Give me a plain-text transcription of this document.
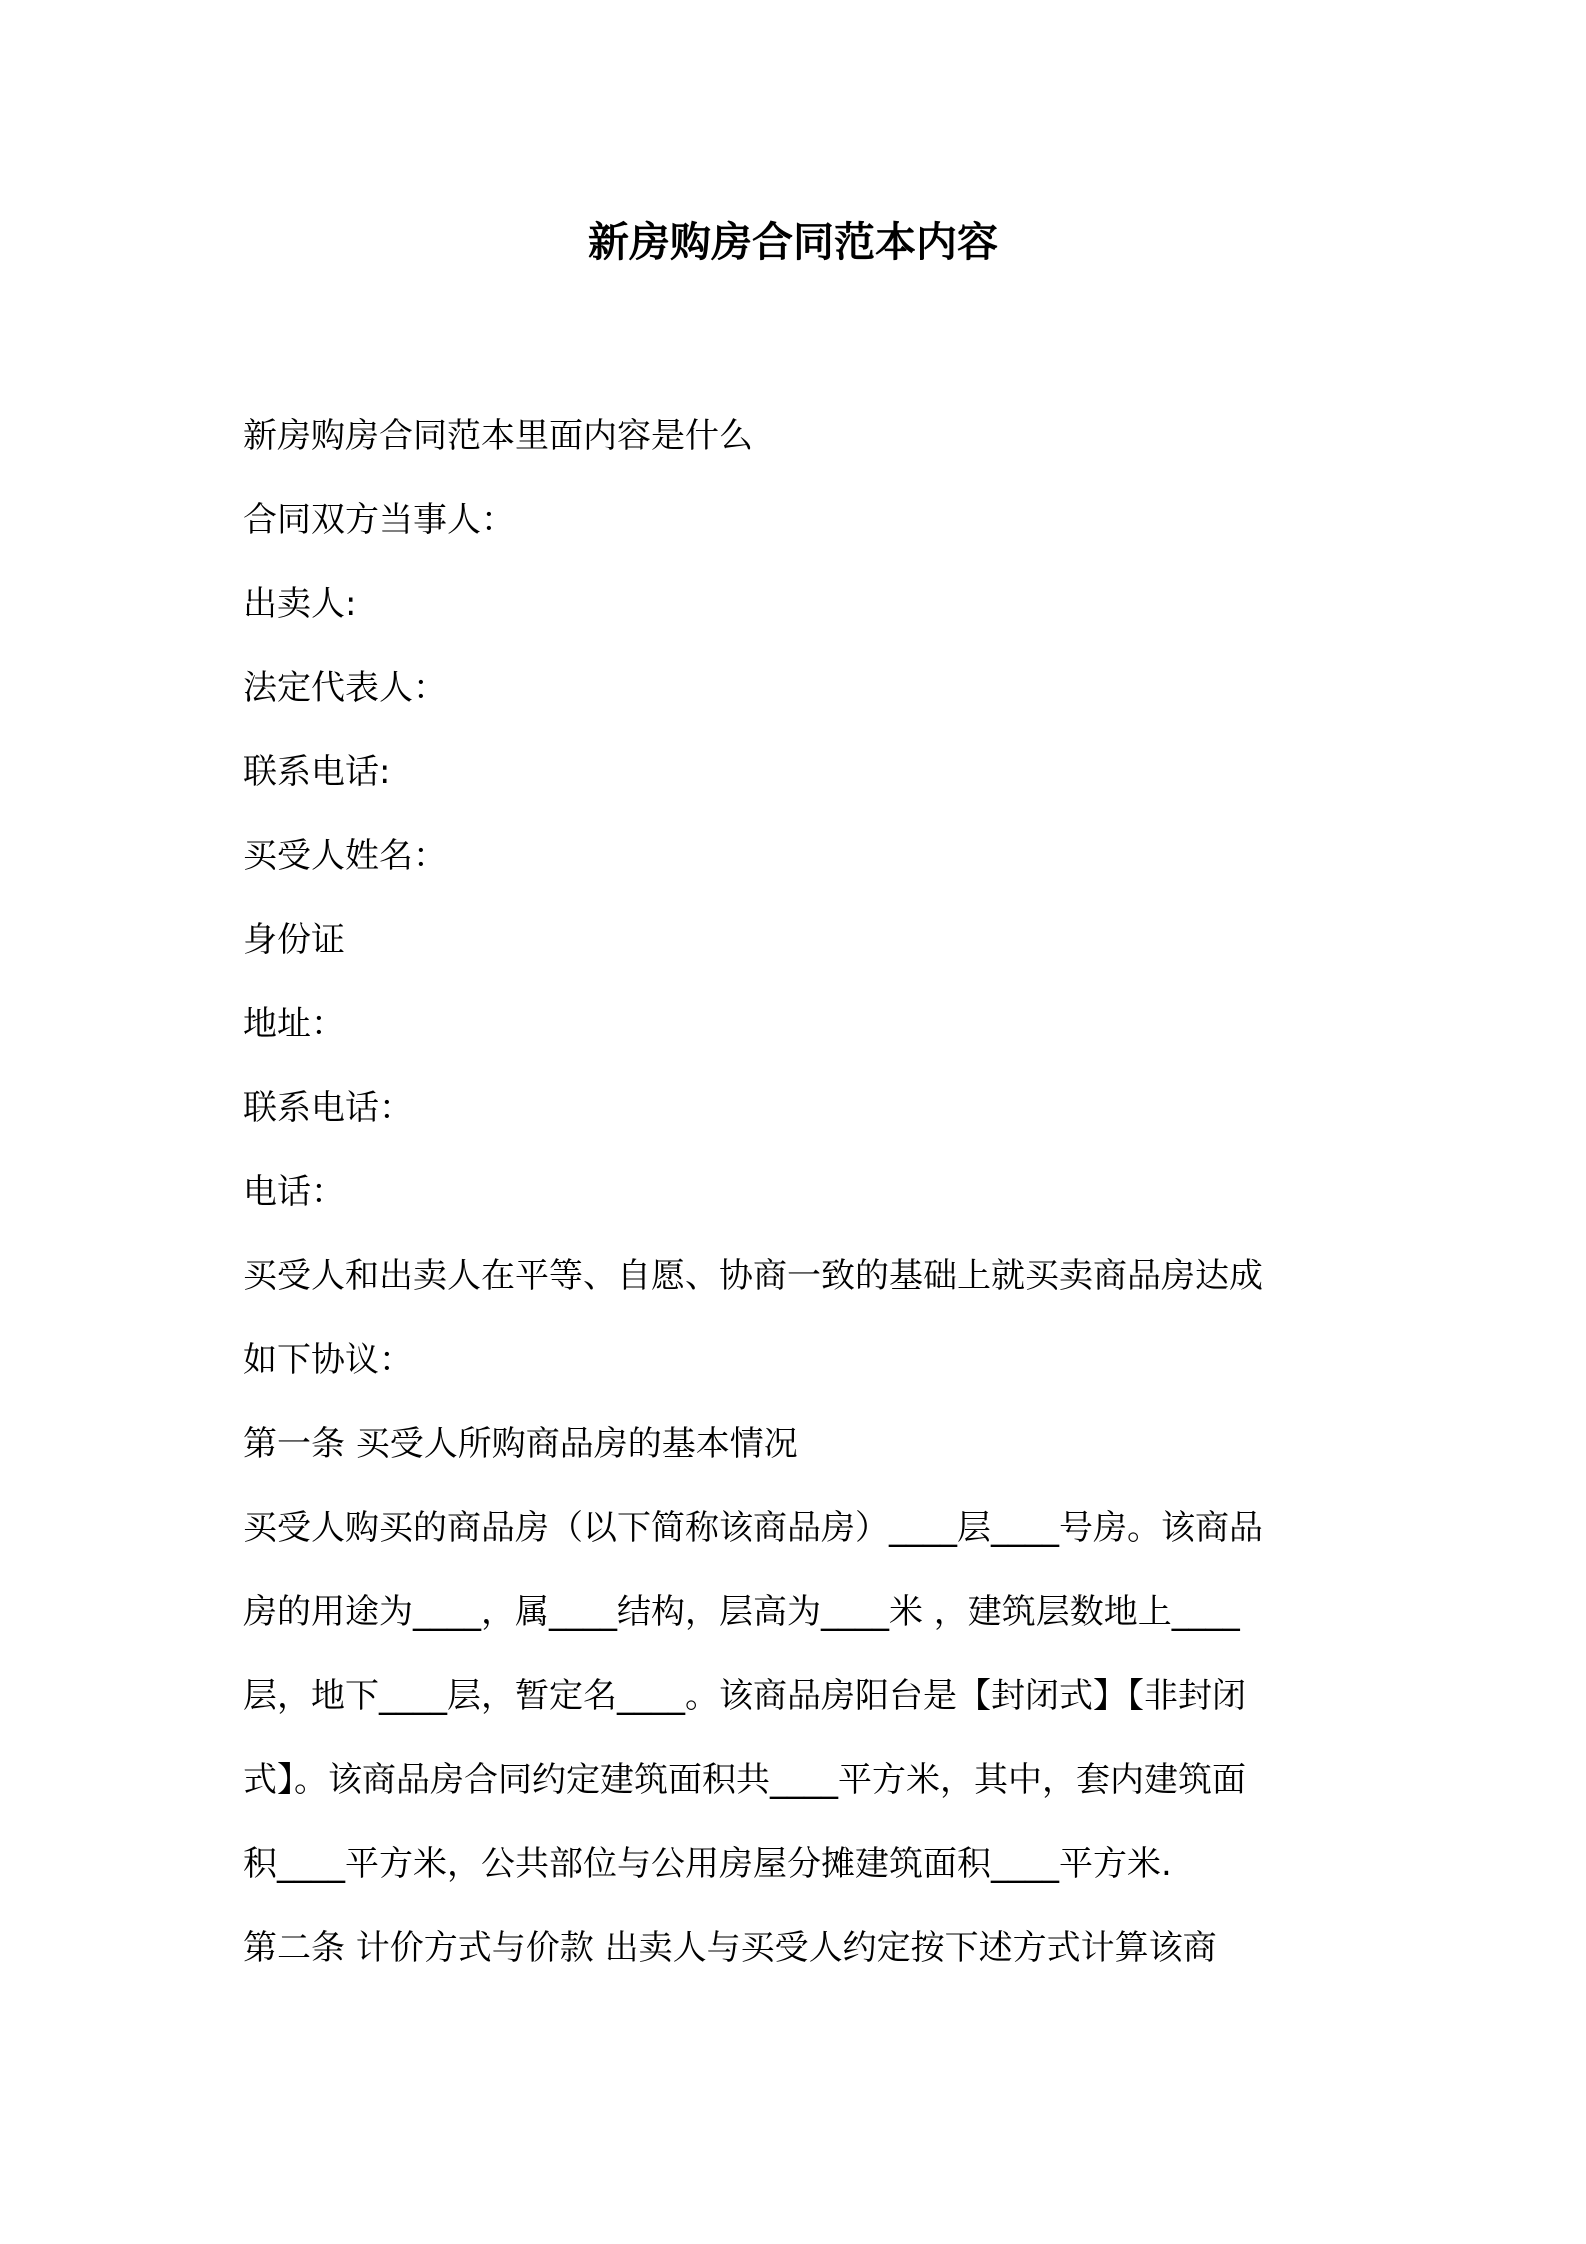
新房购房合同范本内容
新房购房合同范本里面内容是什么
合同双方当事人：
出卖人:
法定代表人：
联系电话:
买受人姓名：
身份证
地址：
联系电话：
电话：
买受人和出卖人在平等、自愿、协商一致的基础上就买卖商品房达成
如下协议：
第一条 买受人所购商品房的基本情况
买受人购买的商品房（以下简称该商品房）____层____号房。该商品
房的用途为____，属____结构，层高为____米 ，建筑层数地上____
层，地下____层，暂定名____。该商品房阳台是【封闭式】【非封闭
式】。该商品房合同约定建筑面积共____平方米，其中，套内建筑面
积____平方米，公共部位与公用房屋分摊建筑面积____平方米.
第二条 计价方式与价款 出卖人与买受人约定按下述方式计算该商
